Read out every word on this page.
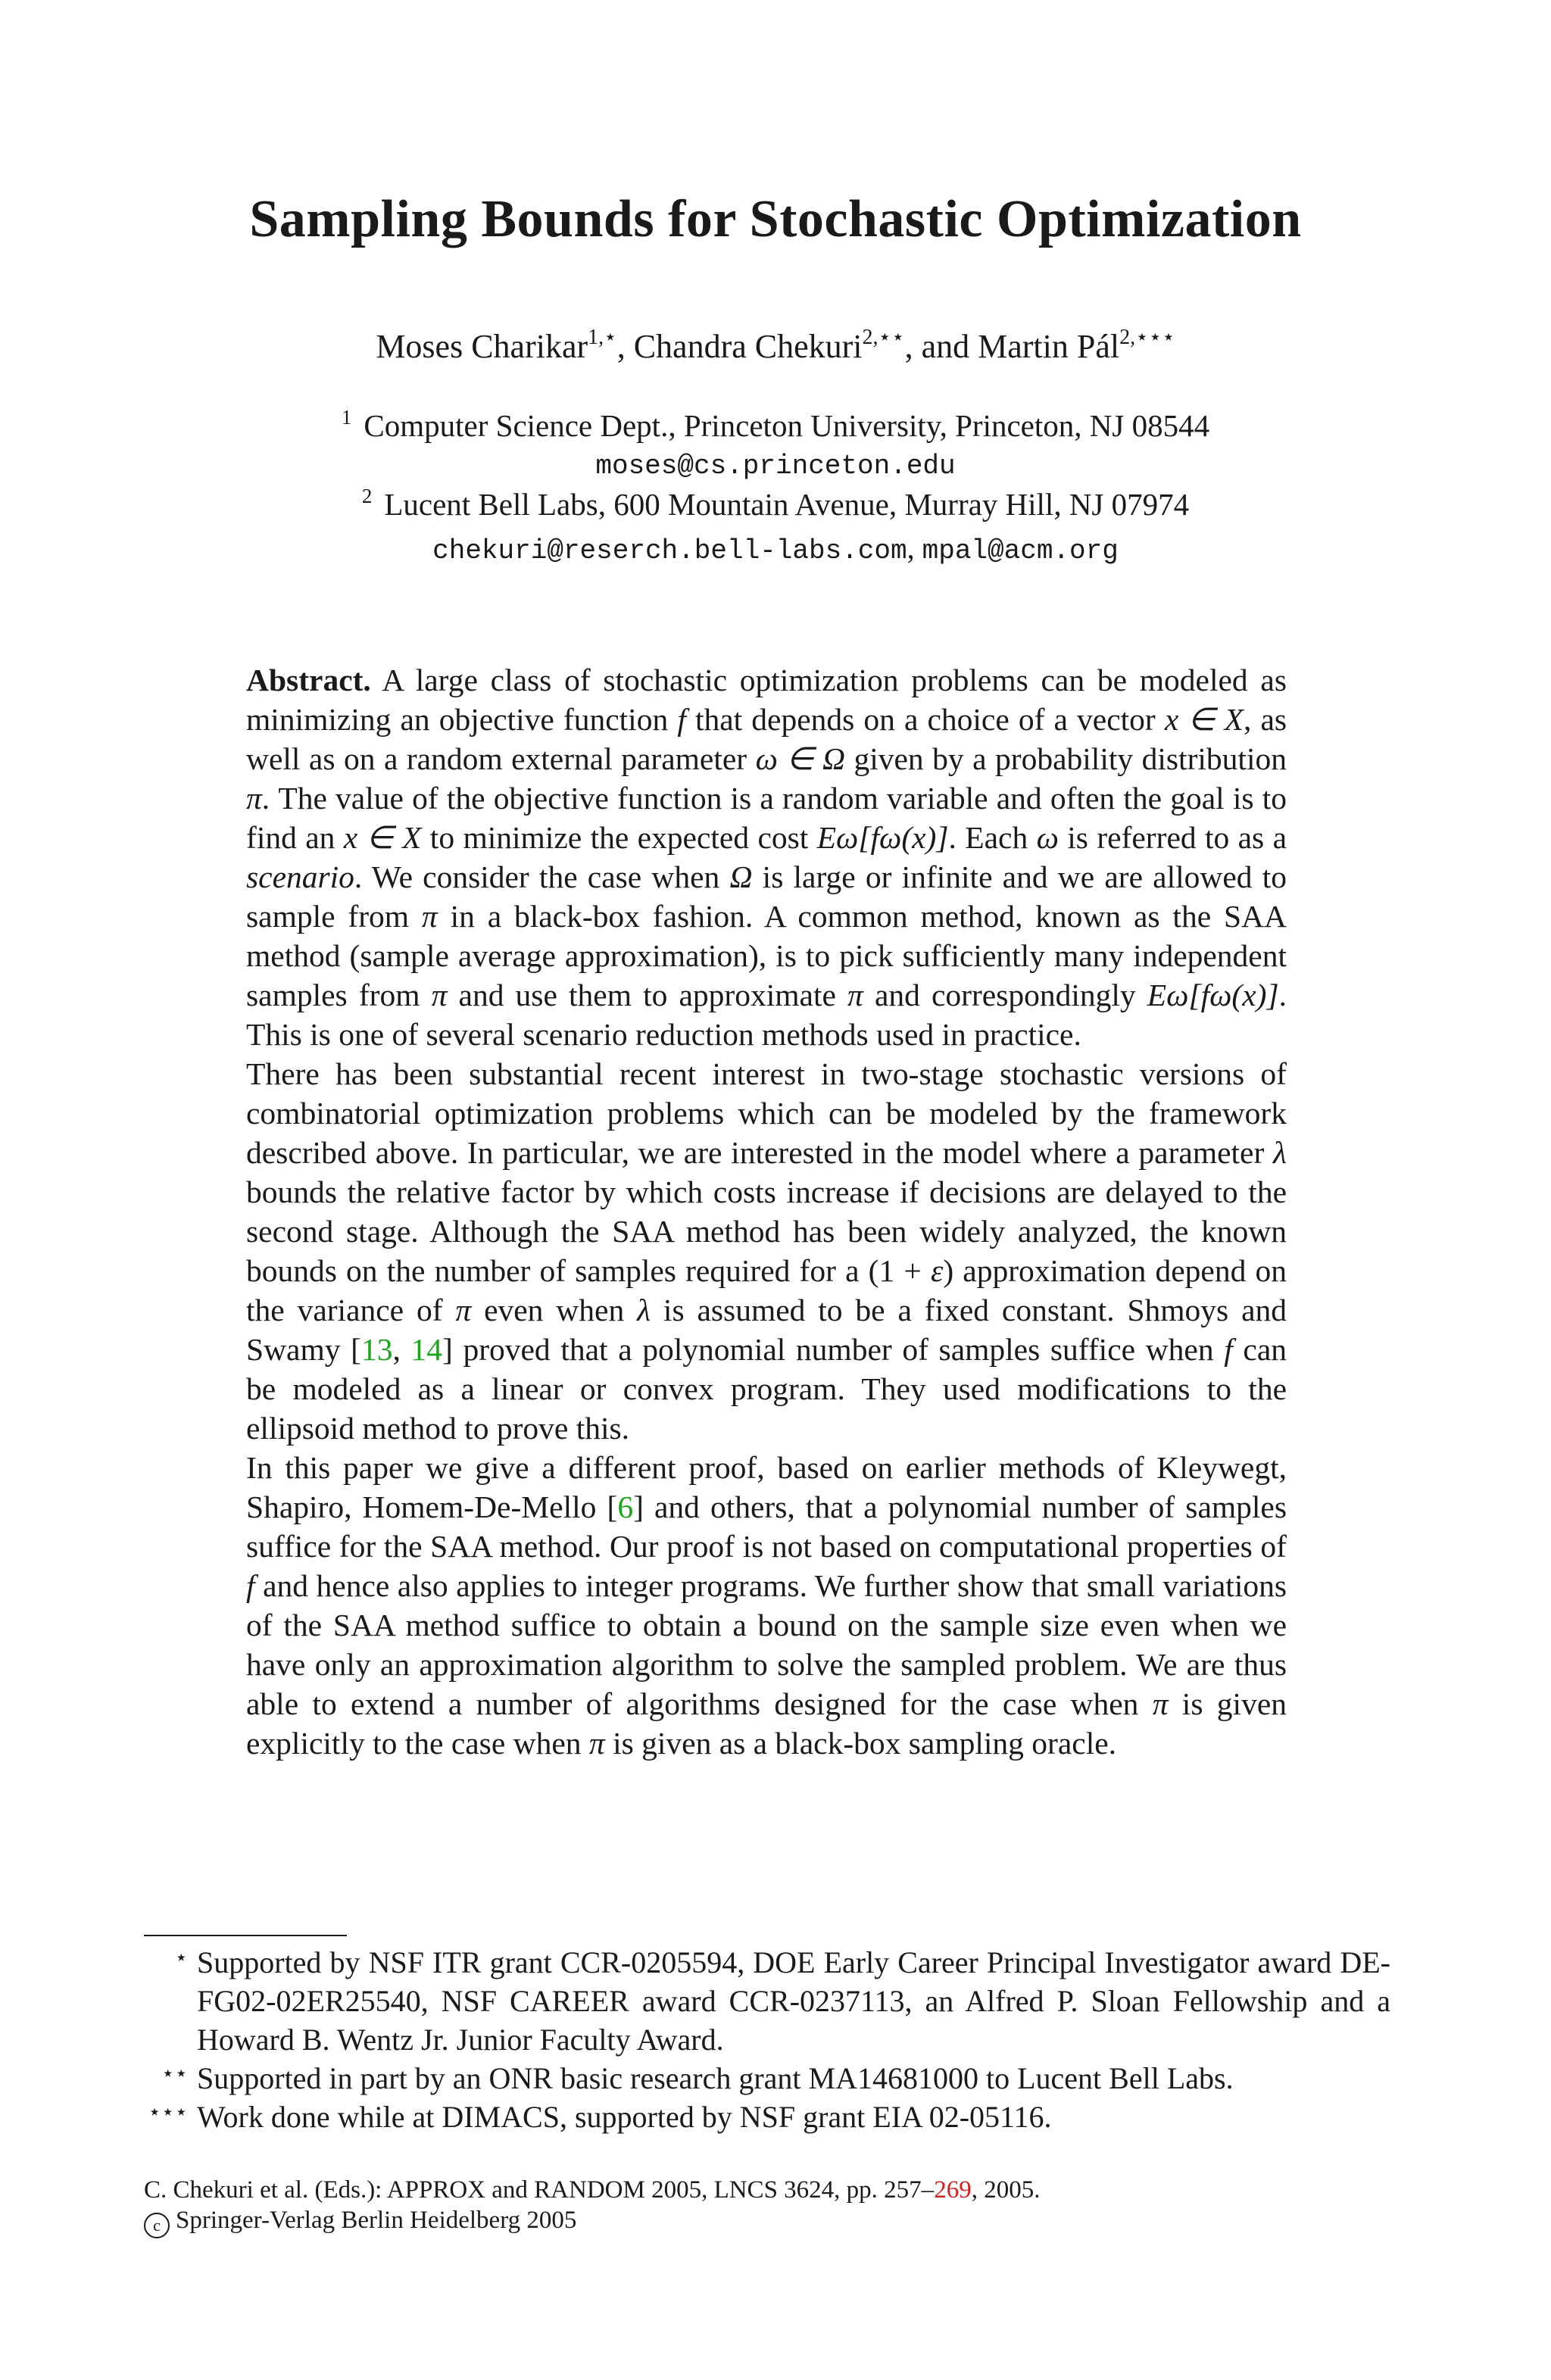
Sampling Bounds for Stochastic Optimization
Moses Charikar$^{1,⋆}$, Chandra Chekuri$^{2,⋆⋆}$, and Martin Pál$^{2,⋆⋆⋆}$
$^1$ Computer Science Dept., Princeton University, Princeton, NJ 08544
moses@cs.princeton.edu
$^2$ Lucent Bell Labs, 600 Mountain Avenue, Murray Hill, NJ 07974
chekuri@reserch.bell-labs.com, mpal@acm.org

Abstract. A large class of stochastic optimization problems can be modeled as minimizing an objective function f that depends on a choice of a vector x ∈ X, as well as on a random external parameter ω ∈ Ω given by a probability distribution π. The value of the objective function is a random variable and often the goal is to find an x ∈ X to minimize the expected cost Eω[fω(x)]. Each ω is referred to as a scenario. We consider the case when Ω is large or infinite and we are allowed to sample from π in a black-box fashion. A common method, known as the SAA method (sample average approximation), is to pick sufficiently many independent samples from π and use them to approximate π and correspondingly Eω[fω(x)]. This is one of several scenario reduction methods used in practice.

There has been substantial recent interest in two-stage stochastic versions of combinatorial optimization problems which can be modeled by the framework described above. In particular, we are interested in the model where a parameter λ bounds the relative factor by which costs increase if decisions are delayed to the second stage. Although the SAA method has been widely analyzed, the known bounds on the number of samples required for a (1 + ε) approximation depend on the variance of π even when λ is assumed to be a fixed constant. Shmoys and Swamy [13, 14] proved that a polynomial number of samples suffice when f can be modeled as a linear or convex program. They used modifications to the ellipsoid method to prove this.

In this paper we give a different proof, based on earlier methods of Kleywegt, Shapiro, Homem-De-Mello [6] and others, that a polynomial number of samples suffice for the SAA method. Our proof is not based on computational properties of f and hence also applies to integer programs. We further show that small variations of the SAA method suffice to obtain a bound on the sample size even when we have only an approximation algorithm to solve the sampled problem. We are thus able to extend a number of algorithms designed for the case when π is given explicitly to the case when π is given as a black-box sampling oracle.

⋆ Supported by NSF ITR grant CCR-0205594, DOE Early Career Principal Investigator award DE-FG02-02ER25540, NSF CAREER award CCR-0237113, an Alfred P. Sloan Fellowship and a Howard B. Wentz Jr. Junior Faculty Award.
⋆⋆ Supported in part by an ONR basic research grant MA14681000 to Lucent Bell Labs.
⋆⋆⋆ Work done while at DIMACS, supported by NSF grant EIA 02-05116.
C. Chekuri et al. (Eds.): APPROX and RANDOM 2005, LNCS 3624, pp. 257–269, 2005.
c Springer-Verlag Berlin Heidelberg 2005
